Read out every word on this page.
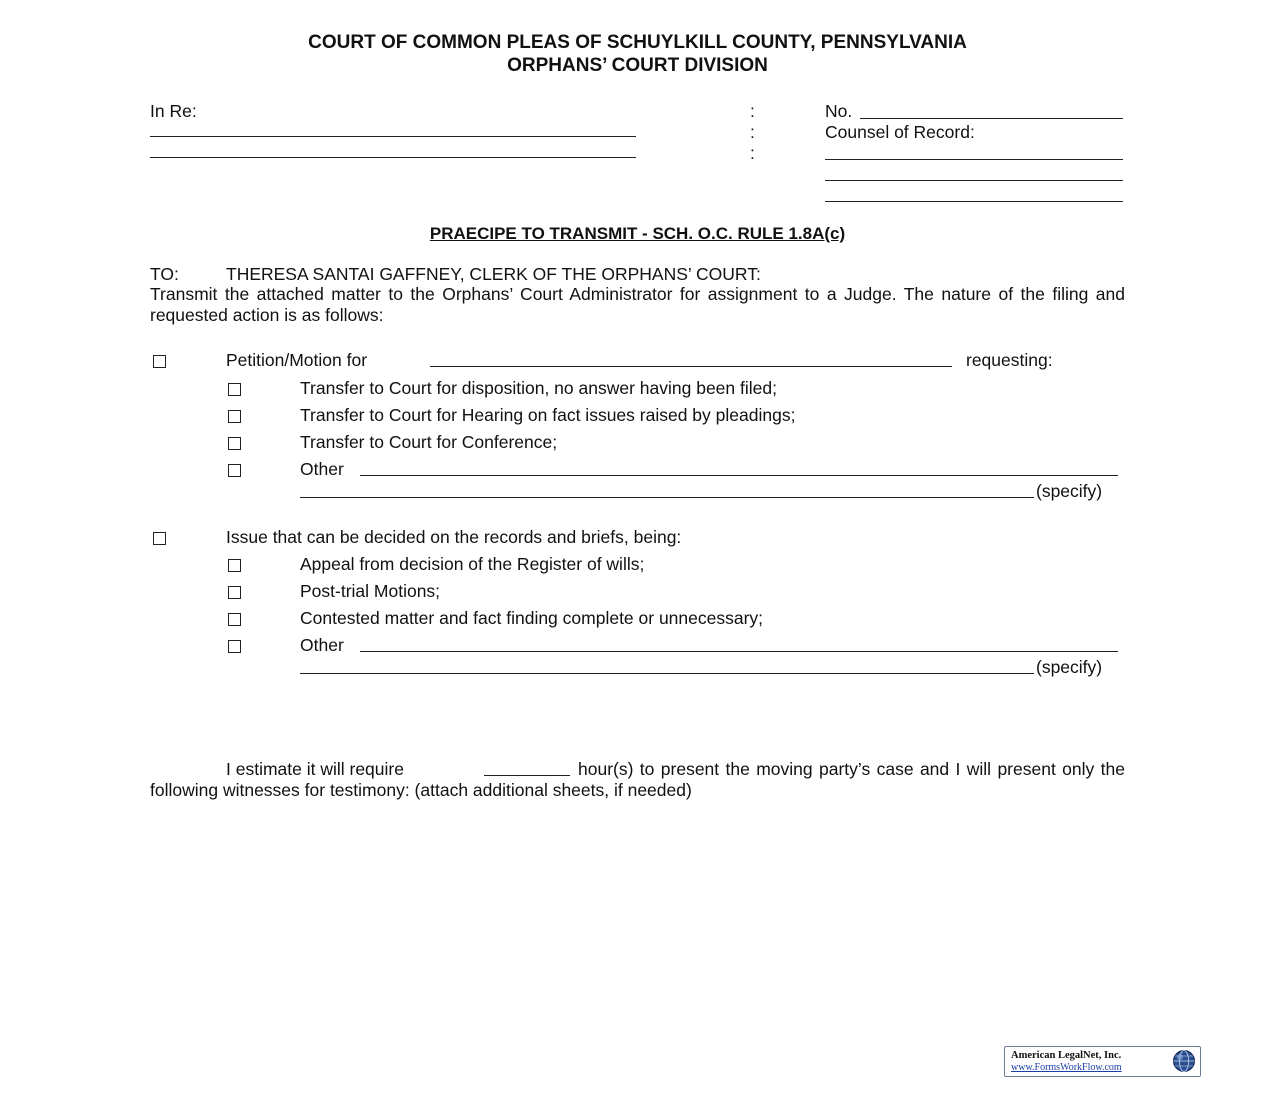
COURT OF COMMON PLEAS OF SCHUYLKILL COUNTY, PENNSYLVANIA
ORPHANS’ COURT DIVISION
In Re:	:
:
:
No.
Counsel of Record:
PRAECIPE TO TRANSMIT - SCH. O.C. RULE 1.8A(c)
TO:	THERESA SANTAI GAFFNEY, CLERK OF THE ORPHANS’ COURT:
Transmit the attached matter to the Orphans’ Court Administrator for assignment to a Judge. The nature of the filing and requested action is as follows:
Petition/Motion for	requesting:
Transfer to Court for disposition, no answer having been filed;
Transfer to Court for Hearing on fact issues raised by pleadings;
Transfer to Court for Conference;
Other
(specify)
Issue that can be decided on the records and briefs, being:
Appeal from decision of the Register of wills;
Post-trial Motions;
Contested matter and fact finding complete or unnecessary;
Other
(specify)
I estimate it will require	hour(s) to present the moving party’s case and I will present only the following witnesses for testimony: (attach additional sheets, if needed)
American LegalNet, Inc.
www.FormsWorkFlow.com
